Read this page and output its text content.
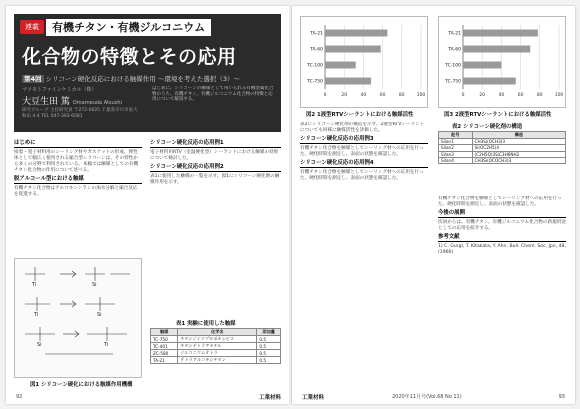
連載	有機チタン・有機ジルコニウム
化合物の特徴とその応用
第4回 シリコーン硬化反応における触媒作用 〜環境を考えた選択（3）〜
マツモトファインケミカル（株）
大豆生田 篤 Omameuda Atsushi
研究グループ 主任研究員 〒272-0025 千葉県市川市東大和田 4-4 TEL 047-393-6081
はじめに、シリコーンの触媒として用いられる有機金属化合物のうち、有機チタン、有機ジルコニウム化合物の特徴と応用について解説する。
はじめに
接着・電子材料用のシーリング材やガスケットの形成、弾性体として幅広く使用される縮合型シリコーンは、その特性から多くの分野で利用されている。本稿では触媒としての有機チタン化合物の作用について述べる。
脱アルコール型における触媒
有機チタン化合物はアルコキシシランの加水分解と縮合反応を促進する。
Ti	Si
Ti	Si
Si	Ti
図1 シリコーン硬化における触媒作用機構
シリコーン硬化反応の応用例1
電子材料用RTV（室温硬化型）シーラントにおける触媒の効果について検討した。
シリコーン硬化反応の応用例2
表1に使用した触媒の一覧を示す。図1にシリコーン硬化剤の触媒作用を示す。
表1 実験に使用した触媒
触媒	化学名	添加量
TC-750	チタンジイソプロポキシビス	0.5
TC-401	チタンテトラアセチル	0.5
ZC-580	ジルコニウムテトラ	0.5
TA-21	テトラアルコキシチタン	0.5
92	工業材料
0	20	40	60	80	100
TA-21
TA-60
TC-100
TC-750
図2 1液型RTVシーラントにおける触媒活性
0	20	40	60	80	100
TA-21
TA-60
TC-100
TC-750
図3 2液型RTVシーラントにおける触媒活性
表2にシリコーン硬化剤の構造を示す。2液型RTVシーラントについても同様に触媒活性を評価した。
シリコーン硬化反応の応用例3
有機チタン化合物を触媒としてシーリング材への応用を行った。硬化時間を測定し、表面の状態を確認した。
シリコーン硬化反応の応用例4
有機チタン化合物を触媒としてシーリング材への応用を行った。硬化時間を測定し、表面の状態を確認した。
表2 シリコーン硬化剤の構造
記号	構造
Silan1	CH3Si(OCH3)3
Silan2	Si(OC2H5)4
Silan3	(C2H5O)3SiC3H6NH2
Silan4	CH3Si(OCOCH3)3
有機チタン化合物を触媒としてシーリング材への応用を行った。硬化時間を測定し、表面の状態を確認した。
今後の展開
次回からは、有機チタン、有機ジルコニウム化合物の新規用途としての応用を紹介する。
参考文献
1) C. Gurgl, T. Kitakata, Y. Ahn: Bull. Chem. Soc. Jpn, 48, (1966)
工業材料	2020年11月号(Vol.68 No.11)	93
